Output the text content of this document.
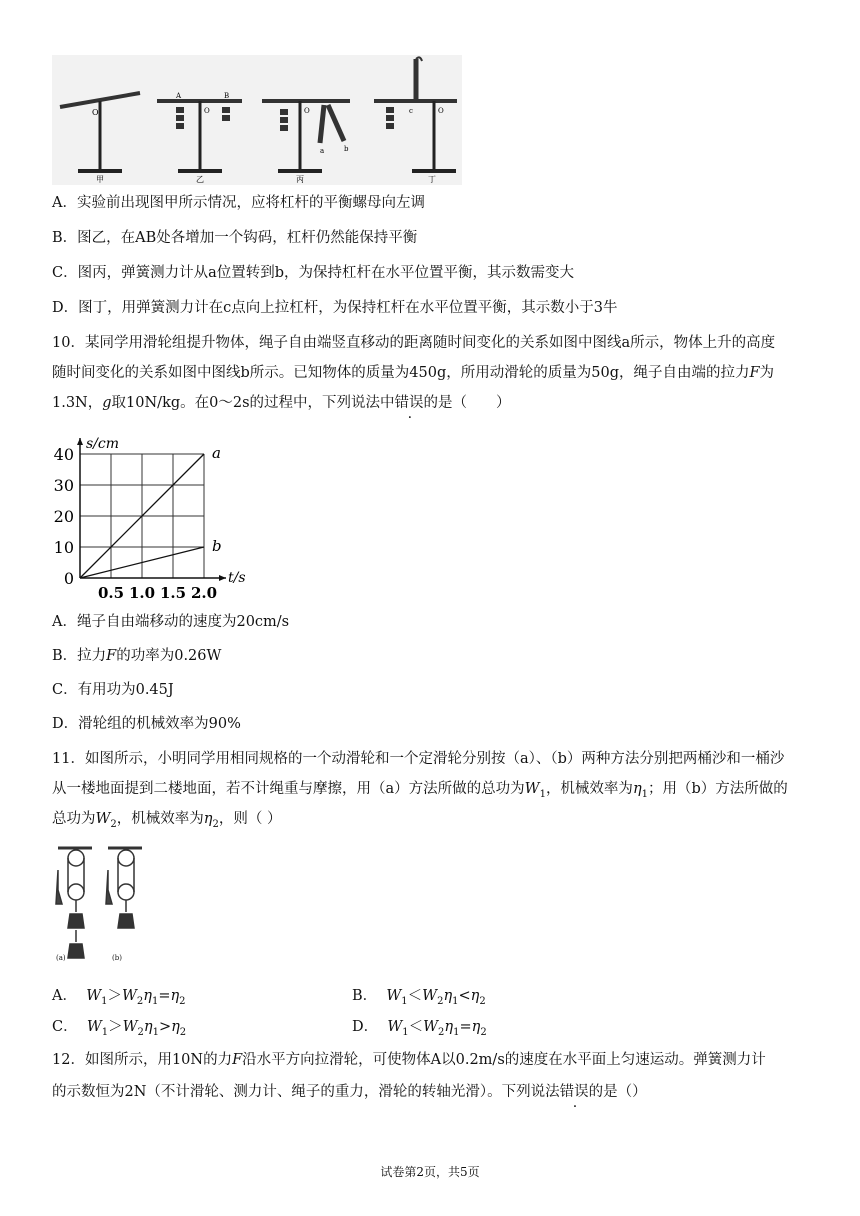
O
甲
A	B
O
乙
a	b
O
丙
c	O
丁
A．实验前出现图甲所示情况，应将杠杆的平衡螺母向左调
B．图乙，在AB处各增加一个钩码，杠杆仍然能保持平衡
C．图丙，弹簧测力计从a位置转到b，为保持杠杆在水平位置平衡，其示数需变大
D．图丁，用弹簧测力计在c点向上拉杠杆，为保持杠杆在水平位置平衡，其示数小于3牛
10．某同学用滑轮组提升物体，绳子自由端竖直移动的距离随时间变化的关系如图中图线a所示，物体上升的高度
随时间变化的关系如图中图线b所示。已知物体的质量为450g，所用动滑轮的质量为50g，绳子自由端的拉力F为
1.3N，g取10N/kg。在0～2s的过程中，下列说法中错误的是（　　）
s/cm
t/s
0
10
20
30
40
0.5 1.0 1.5 2.0
a
b
A．绳子自由端移动的速度为20cm/s
B．拉力F的功率为0.26W
C．有用功为0.45J
D．滑轮组的机械效率为90%
11．如图所示，小明同学用相同规格的一个动滑轮和一个定滑轮分别按（a）、（b）两种方法分别把两桶沙和一桶沙
从一楼地面提到二楼地面，若不计绳重与摩擦，用（a）方法所做的总功为$W_1$，机械效率为$\eta_1$；用（b）方法所做的
总功为$W_2$，机械效率为$\eta_2$，则（ ）
(a)	(b)
A． $W_1>W_2\eta_1=\eta_2$	B． $W_1<W_2\eta_1<\eta_2$
C． $W_1>W_2\eta_1>\eta_2$	D． $W_1<W_2\eta_1=\eta_2$
12．如图所示，用10N的力F沿水平方向拉滑轮，可使物体A以0.2m/s的速度在水平面上匀速运动。弹簧测力计
的示数恒为2N（不计滑轮、测力计、绳子的重力，滑轮的转轴光滑）。下列说法错误的是（）
试卷第2页，共5页
